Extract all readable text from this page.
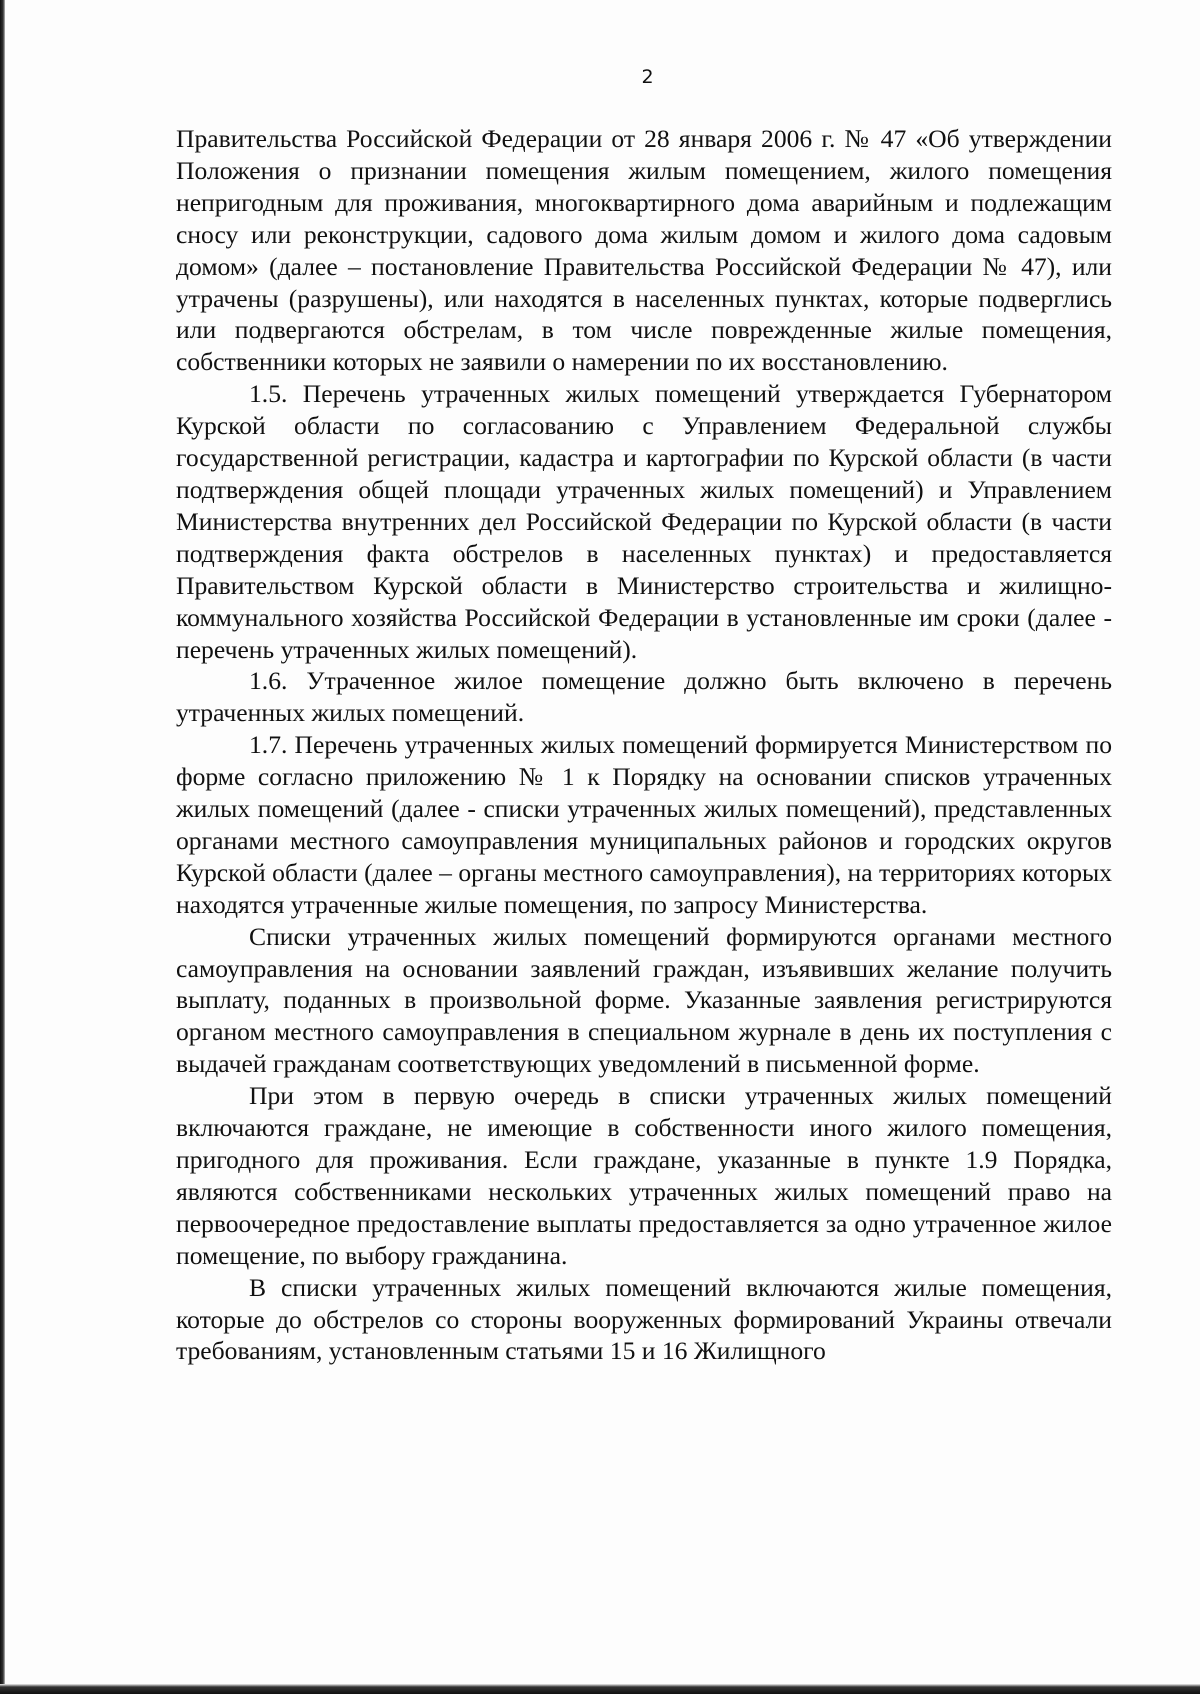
2

Правительства Российской Федерации от 28 января 2006 г. № 47 «Об утверждении Положения о признании помещения жилым помещением, жилого помещения непригодным для проживания, многоквартирного дома аварийным и подлежащим сносу или реконструкции, садового дома жилым домом и жилого дома садовым домом» (далее – постановление Правительства Российской Федерации № 47), или утрачены (разрушены), или находятся в населенных пунктах, которые подверглись или подвергаются обстрелам, в том числе поврежденные жилые помещения, собственники которых не заявили о намерении по их восстановлению.

1.5. Перечень утраченных жилых помещений утверждается Губернатором Курской области по согласованию с Управлением Федеральной службы государственной регистрации, кадастра и картографии по Курской области (в части подтверждения общей площади утраченных жилых помещений) и Управлением Министерства внутренних дел Российской Федерации по Курской области (в части подтверждения факта обстрелов в населенных пунктах) и предоставляется Правительством Курской области в Министерство строительства и жилищно-коммунального хозяйства Российской Федерации в установленные им сроки (далее - перечень утраченных жилых помещений).

1.6. Утраченное жилое помещение должно быть включено в перечень утраченных жилых помещений.

1.7. Перечень утраченных жилых помещений формируется Министерством по форме согласно приложению № 1 к Порядку на основании списков утраченных жилых помещений (далее - списки утраченных жилых помещений), представленных органами местного самоуправления муниципальных районов и городских округов Курской области (далее – органы местного самоуправления), на территориях которых находятся утраченные жилые помещения, по запросу Министерства.

Списки утраченных жилых помещений формируются органами местного самоуправления на основании заявлений граждан, изъявивших желание получить выплату, поданных в произвольной форме. Указанные заявления регистрируются органом местного самоуправления в специальном журнале в день их поступления с выдачей гражданам соответствующих уведомлений в письменной форме.

При этом в первую очередь в списки утраченных жилых помещений включаются граждане, не имеющие в собственности иного жилого помещения, пригодного для проживания. Если граждане, указанные в пункте 1.9 Порядка, являются собственниками нескольких утраченных жилых помещений право на первоочередное предоставление выплаты предоставляется за одно утраченное жилое помещение, по выбору гражданина.

В списки утраченных жилых помещений включаются жилые помещения, которые до обстрелов со стороны вооруженных формирований Украины отвечали требованиям, установленным статьями 15 и 16 Жилищного
